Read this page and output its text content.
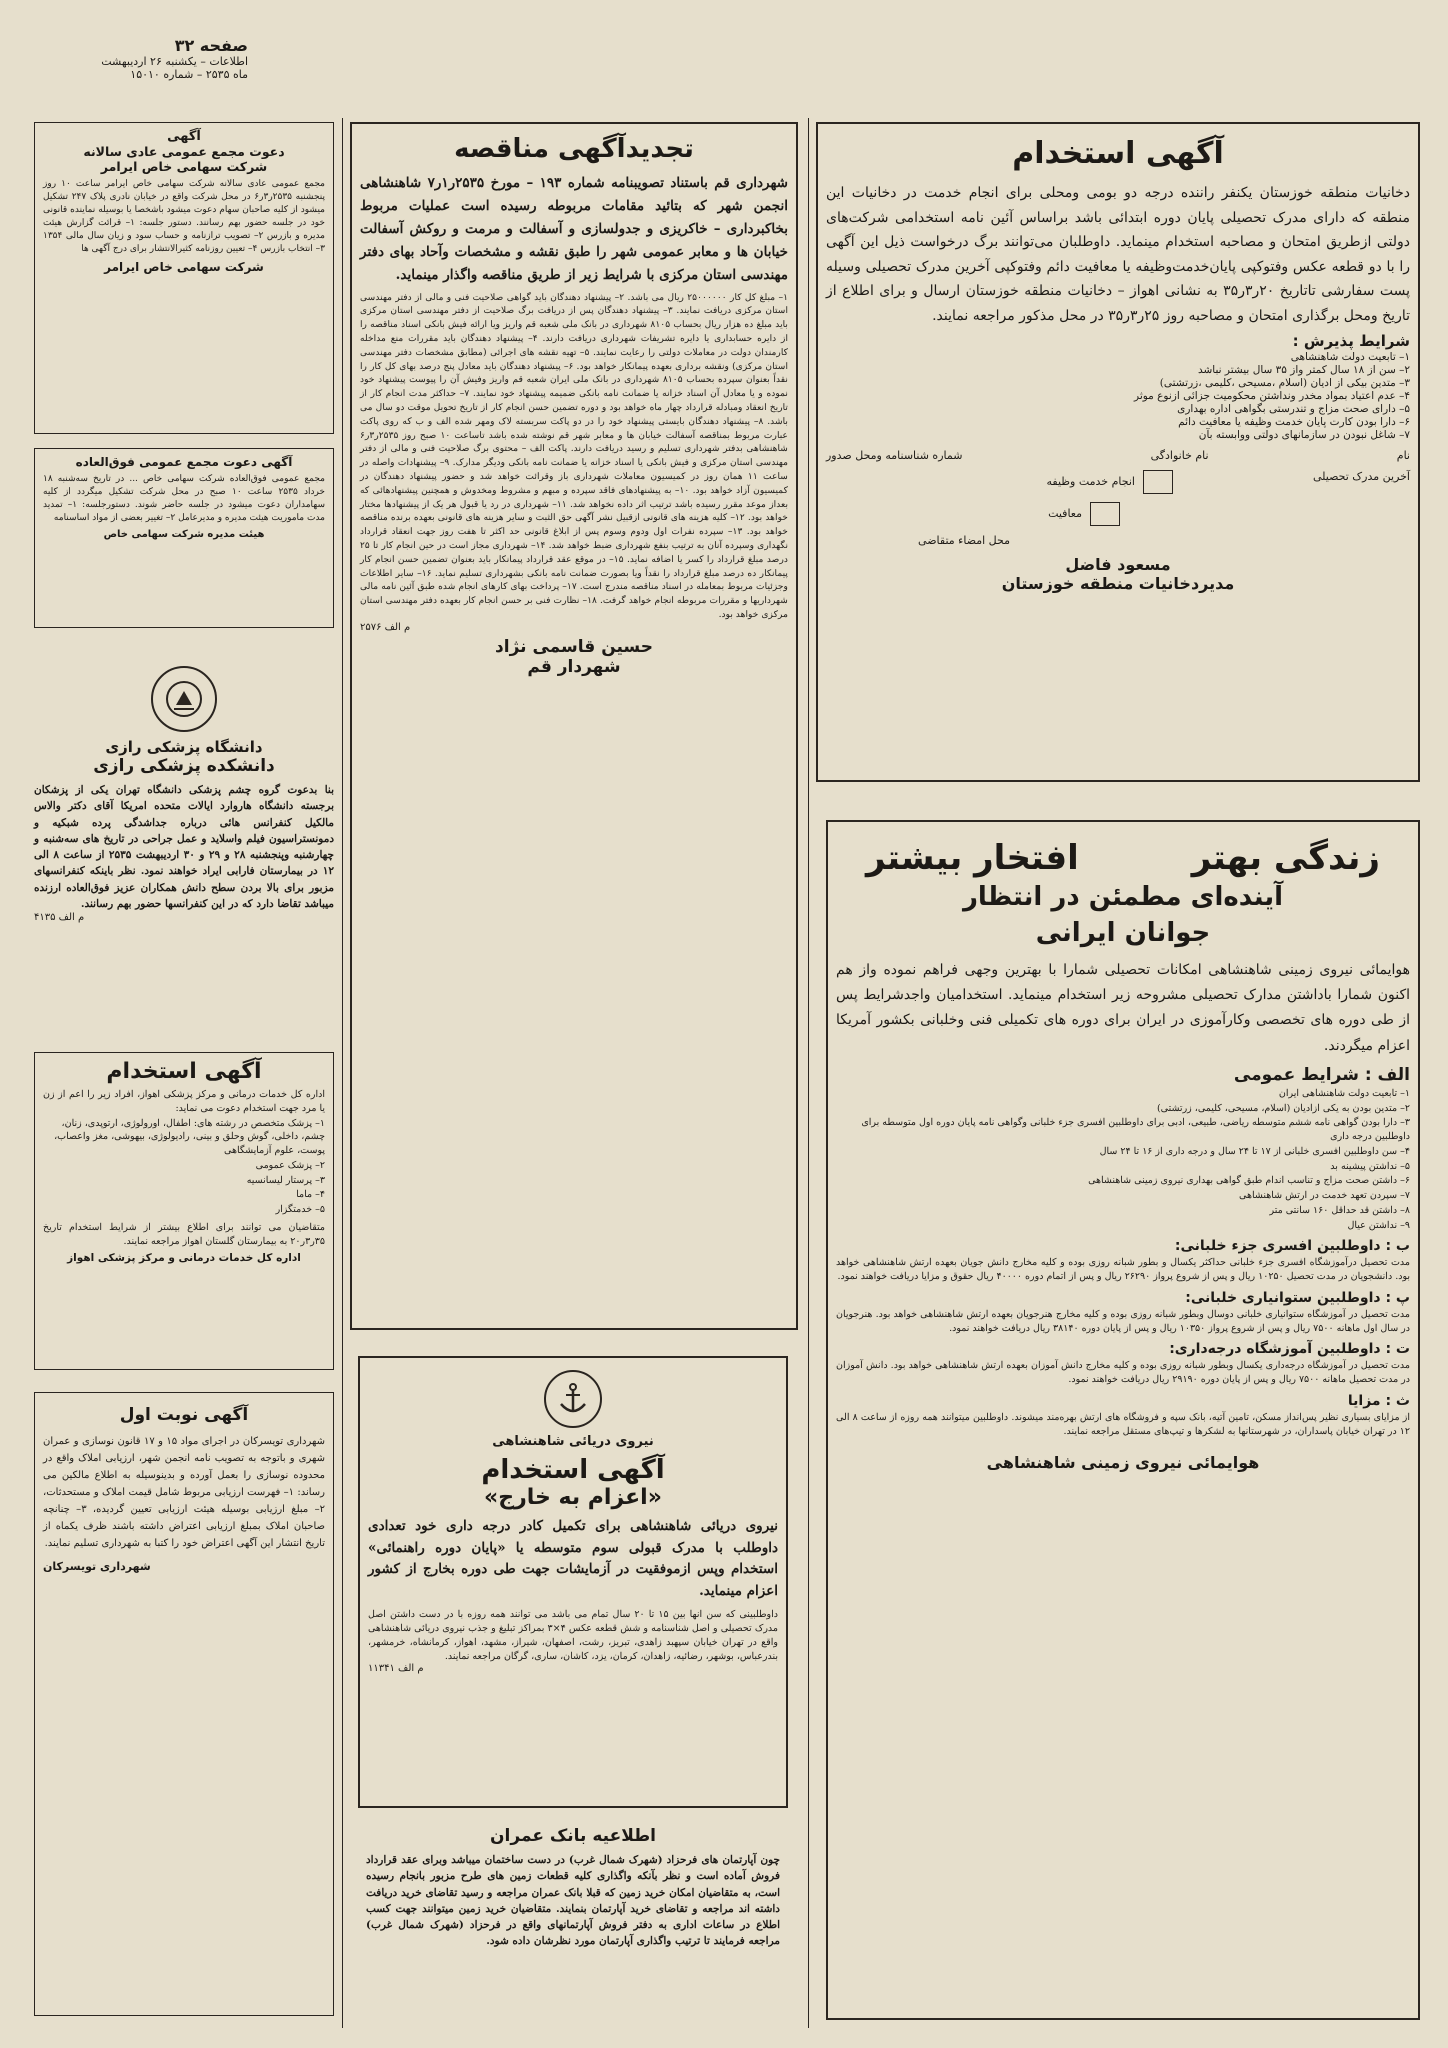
صفحه ۳۲
اطلاعات – یکشنبه ۲۶ اردیبهشت
ماه ۲۵۳۵ – شماره ۱۵۰۱۰
آگهی استخدام
دخانیات منطقه خوزستان یکنفر راننده درجه دو بومی ومحلی برای انجام خدمت در دخانیات این منطقه که دارای مدرک تحصیلی پایان دوره ابتدائی باشد براساس آئین نامه استخدامی شرکت‌های دولتی ازطریق امتحان و مصاحبه استخدام مینماید. داوطلبان می‌توانند برگ درخواست ذیل این آگهی را با دو قطعه عکس وفتوکپی پایان‌خدمت‌وظیفه یا معافیت دائم وفتوکپی آخرین مدرک تحصیلی وسیله پست سفارشی تاتاریخ ۲۰ر۳ر۳۵ به نشانی اهواز – دخانیات منطقه خوزستان ارسال و برای اطلاع از تاریخ ومحل برگذاری امتحان و مصاحبه روز ۲۵ر۳ر۳۵ در محل مذکور مراجعه نمایند.
شرایط پذیرش :
۱– تابعیت دولت شاهنشاهی
۲– سن از ۱۸ سال کمتر واز ۳۵ سال بیشتر نباشد
۳– متدین بیکی از ادیان (اسلام ،مسیحی ،کلیمی ،زرتشتی)
۴– عدم اعتیاد بمواد مخدر ونداشتن محکومیت جزائی ازنوع موثر
۵– دارای صحت مزاج و تندرستی بگواهی اداره بهداری
۶– دارا بودن کارت پایان خدمت وظیفه یا معافیت دائم
۷– شاغل نبودن در سازمانهای دولتی ووابسته بآن
نام
نام خانوادگی
شماره شناسنامه ومحل صدور
آخرین مدرک تحصیلی
انجام خدمت وظیفه
معافیت
محل امضاء متقاضی
مسعود فاضل
مدیردخانیات منطقه خوزستان
زندگی بهتر
افتخار بیشتر
آینده‌ای مطمئن در انتظار
جوانان ایرانی
هوایمائی نیروی زمینی شاهنشاهی امکانات تحصیلی شمارا با بهترین وجهی فراهم نموده واز هم اکنون شمارا باداشتن مدارک تحصیلی مشروحه زیر استخدام مینماید. استخدامیان واجدشرایط پس از طی دوره های تخصصی وکارآموزی در ایران برای دوره های تکمیلی فنی وخلبانی بکشور آمریکا اعزام میگردند.
الف : شرایط عمومی
۱– تابعیت دولت شاهنشاهی ایران
۲– متدین بودن به یکی ازادیان (اسلام، مسیحی، کلیمی، زرتشتی)
۳– دارا بودن گواهی نامه ششم متوسطه ریاضی، طبیعی، ادبی برای داوطلبین افسری جزء خلبانی وگواهی نامه پایان دوره اول متوسطه برای داوطلبین درجه داری
۴– سن داوطلبین افسری خلبانی از ۱۷ تا ۲۴ سال و درجه داری از ۱۶ تا ۲۴ سال
۵– نداشتن پیشینه بد
۶– داشتن صحت مزاج و تناسب اندام طبق گواهی بهداری نیروی زمینی شاهنشاهی
۷– سپردن تعهد خدمت در ارتش شاهنشاهی
۸– داشتن قد حداقل ۱۶۰ سانتی متر
۹– نداشتن عیال
ب : داوطلبین افسری جزء خلبانی:
مدت تحصیل درآموزشگاه افسری جزء خلبانی حداکثر یکسال و بطور شبانه روزی بوده و کلیه مخارج دانش جویان بعهده ارتش شاهنشاهی خواهد بود. دانشجویان در مدت تحصیل ۱۰۲۵۰ ریال و پس از شروع پرواز ۲۶۲۹۰ ریال و پس از اتمام دوره ۴۰۰۰۰ ریال حقوق و مزایا دریافت خواهند نمود.
پ : داوطلبین ستوانیاری خلبانی:
مدت تحصیل در آموزشگاه ستوانیاری خلبانی دوسال وبطور شبانه روزی بوده و کلیه مخارج هنرجویان بعهده ارتش شاهنشاهی خواهد بود. هنرجویان در سال اول ماهانه ۷۵۰۰ ریال و پس از شروع پرواز ۱۰۳۵۰ ریال و پس از پایان دوره ۳۸۱۴۰ ریال دریافت خواهند نمود.
ت : داوطلبین آموزشگاه درجه‌داری:
مدت تحصیل در آموزشگاه درجه‌داری یکسال وبطور شبانه روزی بوده و کلیه مخارج دانش آموزان بعهده ارتش شاهنشاهی خواهد بود. دانش آموزان در مدت تحصیل ماهانه ۷۵۰۰ ریال و پس از پایان دوره ۲۹۱۹۰ ریال دریافت خواهند نمود.
ث : مزایا
از مزایای بسیاری نظیر پس‌انداز مسکن، تامین آتیه، بانک سپه و فروشگاه های ارتش بهره‌مند میشوند. داوطلبین میتوانند همه روزه از ساعت ۸ الی ۱۲ در تهران خیابان پاسداران، در شهرستانها به لشکرها و تیپ‌های مستقل مراجعه نمایند.
هوایمائی نیروی زمینی شاهنشاهی
تجدیدآگهی مناقصه
شهرداری قم باستناد تصویبنامه شماره ۱۹۳ – مورخ ۲۵۳۵ر۱ر۷ شاهنشاهی انجمن شهر که بتائید مقامات مربوطه رسیده است عملیات مربوط بخاکبرداری – خاکریزی و جدولسازی و آسفالت و مرمت و روکش آسفالت خیابان ها و معابر عمومی شهر را طبق نقشه و مشخصات وآحاد بهای دفتر مهندسی استان مرکزی با شرایط زیر از طریق مناقصه واگذار مینماید.
۱– مبلغ کل کار ۲۵۰۰۰۰۰۰ ریال می باشد. ۲– پیشنهاد دهندگان باید گواهی صلاحیت فنی و مالی از دفتر مهندسی استان مرکزی دریافت نمایند. ۳– پیشنهاد دهندگان پس از دریافت برگ صلاحیت از دفتر مهندسی استان مرکزی باید مبلغ ده هزار ریال بحساب ۸۱۰۵ شهرداری در بانک ملی شعبه قم واریز ویا ارائه فیش بانکی اسناد مناقصه را از دایره حسابداری یا دایره تشریفات شهرداری دریافت دارند. ۴– پیشنهاد دهندگان باید مقررات منع مداخله کارمندان دولت در معاملات دولتی را رعایت نمایند. ۵– تهیه نقشه های اجرائی (مطابق مشخصات دفتر مهندسی استان مرکزی) ونقشه برداری بعهده پیمانکار خواهد بود. ۶– پیشنهاد دهندگان باید معادل پنج درصد بهای کل کار را نقداً بعنوان سپرده بحساب ۸۱۰۵ شهرداری در بانک ملی ایران شعبه قم واریز وفیش آن را پیوست پیشنهاد خود نموده و یا معادل آن اسناد خزانه یا ضمانت نامه بانکی ضمیمه پیشنهاد خود نمایند. ۷– حداکثر مدت انجام کار از تاریخ انعقاد ومبادله قرارداد چهار ماه خواهد بود و دوره تضمین حسن انجام کار از تاریخ تحویل موقت دو سال می باشد. ۸– پیشنهاد دهندگان بایستی پیشنهاد خود را در دو پاکت سربسته لاک ومهر شده الف و ب که روی پاکت عبارت مربوط بمناقصه آسفالت خیابان ها و معابر شهر قم نوشته شده باشد تاساعت ۱۰ صبح روز ۲۵۳۵ر۳ر۶ شاهنشاهی بدفتر شهرداری تسلیم و رسید دریافت دارند. پاکت الف – محتوی برگ صلاحیت فنی و مالی از دفتر مهندسی استان مرکزی و فیش بانکی یا اسناد خزانه یا ضمانت نامه بانکی ودیگر مدارک. ۹– پیشنهادات واصله در ساعت ۱۱ همان روز در کمیسیون معاملات شهرداری باز وقرائت خواهد شد و حضور پیشنهاد دهندگان در کمیسیون آزاد خواهد بود. ۱۰– به پیشنهادهای فاقد سپرده و مبهم و مشروط ومخدوش و همچنین پیشنهادهائی که بعداز موعد مقرر رسیده باشد ترتیب اثر داده نخواهد شد. ۱۱– شهرداری در رد یا قبول هر یک از پیشنهادها مختار خواهد بود. ۱۲– کلیه هزینه های قانونی ازقبیل نشر آگهی حق الثبت و سایر هزینه های قانونی بعهده برنده مناقصه خواهد بود. ۱۳– سپرده نفرات اول ودوم وسوم پس از ابلاغ قانونی حد اکثر تا هفت روز جهت انعقاد قرارداد نگهداری وسپرده آنان به ترتیب بنفع شهرداری ضبط خواهد شد. ۱۴– شهرداری مجاز است در حین انجام کار تا ۲۵ درصد مبلغ قرارداد را کسر یا اضافه نماید. ۱۵– در موقع عقد قرارداد پیمانکار باید بعنوان تضمین حسن انجام کار پیمانکار ده درصد مبلغ قرارداد را نقداً ویا بصورت ضمانت نامه بانکی بشهرداری تسلیم نماید. ۱۶– سایر اطلاعات وجزئیات مربوط بمعامله در اسناد مناقصه مندرج است. ۱۷– پرداخت بهای کارهای انجام شده طبق آئین نامه مالی شهرداریها و مقررات مربوطه انجام خواهد گرفت. ۱۸– نظارت فنی بر حسن انجام کار بعهده دفتر مهندسی استان مرکزی خواهد بود.
م الف ۲۵۷۶
حسین قاسمی نژاد
شهردار قم
نیروی دریائی شاهنشاهی
آگهی استخدام
«اعزام به خارج»
نیروی دریائی شاهنشاهی برای تکمیل کادر درجه داری خود تعدادی داوطلب با مدرک قبولی سوم متوسطه یا «پایان دوره راهنمائی» استخدام وپس ازموفقیت در آزمایشات جهت طی دوره بخارج از کشور اعزام مینماید.
داوطلبینی که سن انها بین ۱۵ تا ۲۰ سال تمام می باشد می توانند همه روزه با در دست داشتن اصل مدرک تحصیلی و اصل شناسنامه و شش قطعه عکس ۴×۳ بمراکز تبلیغ و جذب نیروی دریائی شاهنشاهی واقع در تهران خیابان سپهبد زاهدی، تبریز، رشت، اصفهان، شیراز، مشهد، اهواز، کرمانشاه، خرمشهر، بندرعباس، بوشهر، رضائیه، زاهدان، کرمان، یزد، کاشان، ساری، گرگان مراجعه نمایند.
م الف ۱۱۳۴۱
اطلاعیه بانک عمران
چون آپارتمان های فرحزاد (شهرک شمال غرب) در دست ساختمان میباشد وبرای عقد قرارداد فروش آماده است و نظر بآنکه واگذاری کلیه قطعات زمین های طرح مزبور بانجام رسیده است، به متقاضیان امکان خرید زمین که قبلا بانک عمران مراجعه و رسید تقاضای خرید دریافت داشته اند مراجعه و تقاضای خرید آپارتمان بنمایند. متقاضیان خرید زمین میتوانند جهت کسب اطلاع در ساعات اداری به دفتر فروش آپارتمانهای واقع در فرحزاد (شهرک شمال غرب) مراجعه فرمایند تا ترتیب واگذاری آپارتمان مورد نظرشان داده شود.
آگهی
دعوت مجمع عمومی عادی سالانه
شرکت سهامی خاص ایرامر
مجمع عمومی عادی سالانه شرکت سهامی خاص ایرامر ساعت ۱۰ روز پنجشنبه ۲۵۳۵ر۳ر۶ در محل شرکت واقع در خیابان نادری پلاک ۲۴۷ تشکیل میشود از کلیه صاحبان سهام دعوت میشود باشخصا یا بوسیله نماینده قانونی خود در جلسه حضور بهم رسانند. دستور جلسه: ۱– قرائت گزارش هیئت مدیره و بازرس ۲– تصویب ترازنامه و حساب سود و زیان سال مالی ۱۳۵۴ ۳– انتخاب بازرس ۴– تعیین روزنامه کثیرالانتشار برای درج آگهی ها
شرکت سهامی خاص ایرامر
آگهی دعوت مجمع عمومی فوق‌العاده
مجمع عمومی فوق‌العاده شرکت سهامی خاص ... در تاریخ سه‌شنبه ۱۸ خرداد ۲۵۳۵ ساعت ۱۰ صبح در محل شرکت تشکیل میگردد از کلیه سهامداران دعوت میشود در جلسه حاضر شوند. دستورجلسه: ۱– تمدید مدت ماموریت هیئت مدیره و مدیرعامل ۲– تغییر بعضی از مواد اساسنامه
هیئت مدیره شرکت سهامی خاص
دانشگاه پزشکی رازی
دانشکده پزشکی رازی
بنا بدعوت گروه چشم پزشکی دانشگاه تهران یکی از پزشکان برجسته دانشگاه هاروارد ایالات متحده امریکا آقای دکتر والاس مالکیل کنفرانس هائی درباره جداشدگی پرده شبکیه و دمونستراسیون فیلم واسلاید و عمل جراحی در تاریخ های سه‌شنبه و چهارشنبه وپنجشنبه ۲۸ و ۲۹ و ۳۰ اردیبهشت ۲۵۳۵ از ساعت ۸ الی ۱۲ در بیمارستان فارابی ایراد خواهند نمود. نظر باینکه کنفرانسهای مزبور برای بالا بردن سطح دانش همکاران عزیز فوق‌العاده ارزنده میباشد تقاضا دارد که در این کنفرانسها حضور بهم رسانند.
م الف ۴۱۳۵
آگهی استخدام
اداره کل خدمات درمانی و مرکز پزشکی اهواز، افراد زیر را اعم از زن یا مرد جهت استخدام دعوت می نماید:
۱– پزشک متخصص در رشته های: اطفال، اورولوژی، ارتوپدی، زنان، چشم، داخلی، گوش وحلق و بینی، رادیولوژی، بیهوشی، مغز واعصاب، پوست، علوم آزمایشگاهی
۲– پزشک عمومی
۳– پرستار لیسانسیه
۴– ماما
۵– خدمتگزار
متقاضیان می توانند برای اطلاع بیشتر از شرایط استخدام تاریخ ۳۵ر۳ر۲۰ به بیمارستان گلستان اهواز مراجعه نمایند.
اداره کل خدمات درمانی و مرکز پزشکی اهواز
آگهی نوبت اول
شهرداری تویسرکان در اجرای مواد ۱۵ و ۱۷ قانون نوسازی و عمران شهری و باتوجه به تصویب نامه انجمن شهر، ارزیابی املاک واقع در محدوده نوسازی را بعمل آورده و بدینوسیله به اطلاع مالکین می رساند: ۱– فهرست ارزیابی مربوط شامل قیمت املاک و مستحدثات، ۲– مبلغ ارزیابی بوسیله هیئت ارزیابی تعیین گردیده، ۳– چنانچه صاحبان املاک بمبلغ ارزیابی اعتراض داشته باشند ظرف یکماه از تاریخ انتشار این آگهی اعتراض خود را کتبا به شهرداری تسلیم نمایند.
شهرداری تویسرکان
